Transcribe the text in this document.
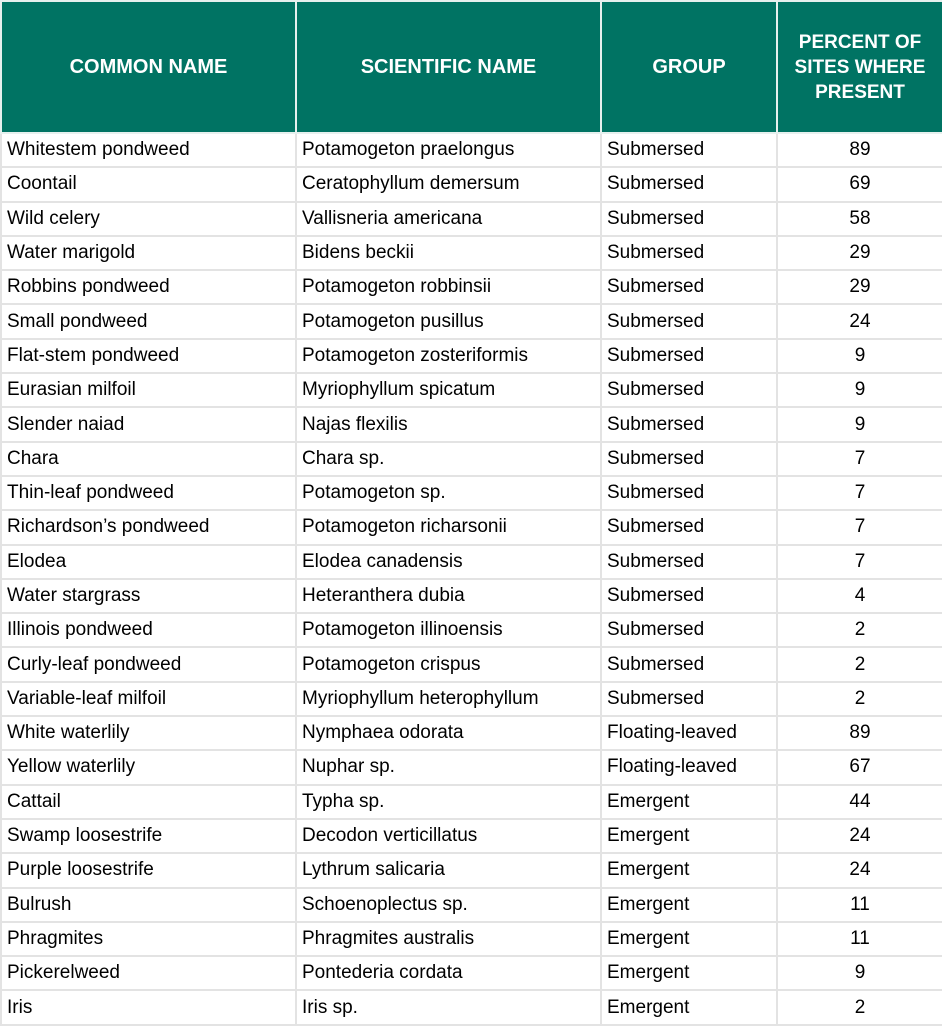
COMMON NAME	SCIENTIFIC NAME	GROUP	PERCENT OF SITES WHERE PRESENT
Whitestem pondweed	Potamogeton praelongus	Submersed	89
Coontail	Ceratophyllum demersum	Submersed	69
Wild celery	Vallisneria americana	Submersed	58
Water marigold	Bidens beckii	Submersed	29
Robbins pondweed	Potamogeton robbinsii	Submersed	29
Small pondweed	Potamogeton pusillus	Submersed	24
Flat-stem pondweed	Potamogeton zosteriformis	Submersed	9
Eurasian milfoil	Myriophyllum spicatum	Submersed	9
Slender naiad	Najas flexilis	Submersed	9
Chara	Chara sp.	Submersed	7
Thin-leaf pondweed	Potamogeton sp.	Submersed	7
Richardson’s pondweed	Potamogeton richarsonii	Submersed	7
Elodea	Elodea canadensis	Submersed	7
Water stargrass	Heteranthera dubia	Submersed	4
Illinois pondweed	Potamogeton illinoensis	Submersed	2
Curly-leaf pondweed	Potamogeton crispus	Submersed	2
Variable-leaf milfoil	Myriophyllum heterophyllum	Submersed	2
White waterlily	Nymphaea odorata	Floating-leaved	89
Yellow waterlily	Nuphar sp.	Floating-leaved	67
Cattail	Typha sp.	Emergent	44
Swamp loosestrife	Decodon verticillatus	Emergent	24
Purple loosestrife	Lythrum salicaria	Emergent	24
Bulrush	Schoenoplectus sp.	Emergent	11
Phragmites	Phragmites australis	Emergent	11
Pickerelweed	Pontederia cordata	Emergent	9
Iris	Iris sp.	Emergent	2
